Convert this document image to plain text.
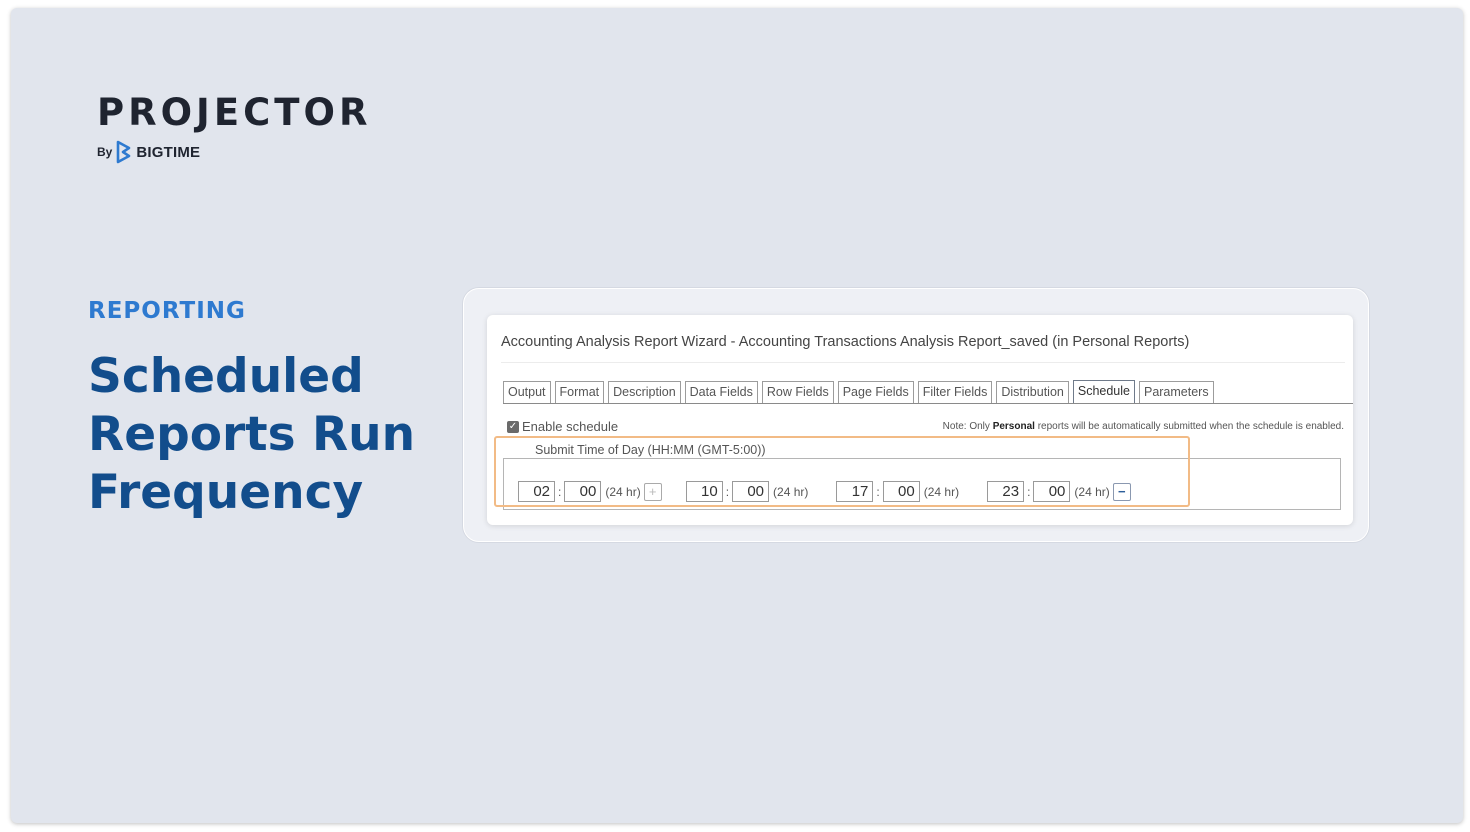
PROJECTOR
By BIGTIME
REPORTING
Scheduled
Reports Run
Frequency
Accounting Analysis Report Wizard - Accounting Transactions Analysis Report_saved (in Personal Reports)
Output	Format	Description	Data Fields	Row Fields	Page Fields	Filter Fields	Distribution	Schedule	Parameters
✓ Enable schedule	Note: Only Personal reports will be automatically submitted when the schedule is enabled.
Submit Time of Day (HH:MM (GMT-5:00))
02 :	00 (24 hr) +	10 :	00 (24 hr)	17 :	00 (24 hr)	23 :	00 (24 hr) −
